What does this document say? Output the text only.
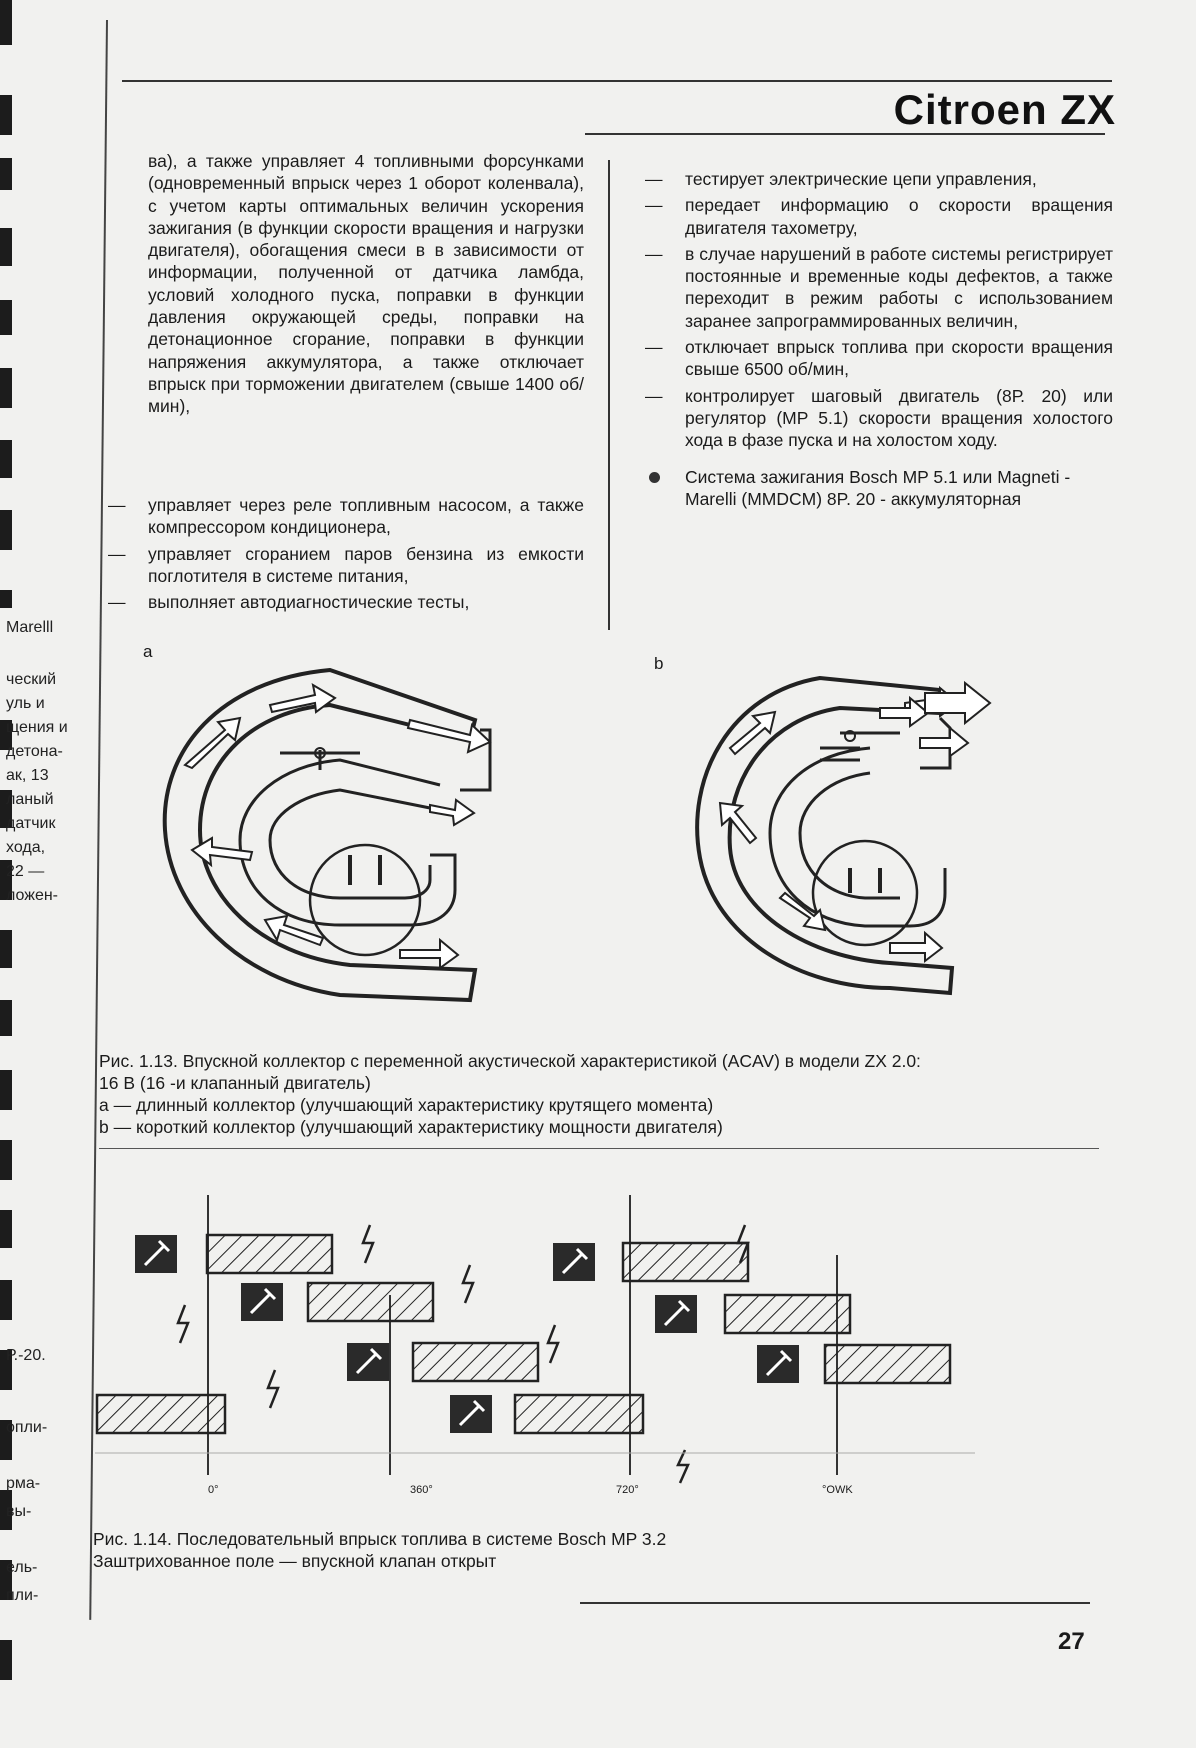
Marelll
ческий
уль и
щения и
детона-
ак, 13
ланый
датчик
хода,
22 —
ложен-
Р.-20.
опли-
рма-
вы-
ель-
пли-
Citroen ZX

ва), а также управляет 4 топливными форсунками (одновременный впрыск через 1 оборот коленвала), с учетом карты оптимальных величин ускорения зажигания (в функции скорости вращения и нагрузки двигателя), обогащения смеси в в зависимости от информации, полученной от датчика ламбда, условий холодного пуска, поправки в функции давления окружающей среды, поправки на детонационное сгорание, поправки в функции напряжения аккумулятора, а также отключает впрыск при торможении двигателем (свыше 1400 об/мин),

— управляет через реле топливным насосом, а также компрессором кондиционера,
— управляет сгоранием паров бензина из емкости поглотителя в системе питания,
— выполняет автодиагностические тесты,
— тестирует электрические цепи управления,
— передает информацию о скорости вращения двигателя тахометру,
— в случае нарушений в работе системы регистрирует постоянные и временные коды дефектов, а также переходит в режим работы с использованием заранее запрограммированных величин,
— отключает впрыск топлива при скорости вращения свыше 6500 об/мин,
— контролирует шаговый двигатель (8Р. 20) или регулятор (MP 5.1) скорости вращения холостого хода в фазе пуска и на холостом ходу.
Система зажигания Bosch MP 5.1 или Magneti - Marelli (MMDCM) 8P. 20 - аккумуляторная
a
b
Рис. 1.13. Впускной коллектор с переменной акустической характеристикой (ACAV) в модели ZX 2.0:
16 B (16 -и клапанный двигатель)
a — длинный коллектор (улучшающий характеристику крутящего момента)
b — короткий коллектор (улучшающий характеристику мощности двигателя)
0°	360°	720°	°ОWK
Рис. 1.14. Последовательный впрыск топлива в системе Bosch MP 3.2
Заштрихованное поле — впускной клапан открыт
27
